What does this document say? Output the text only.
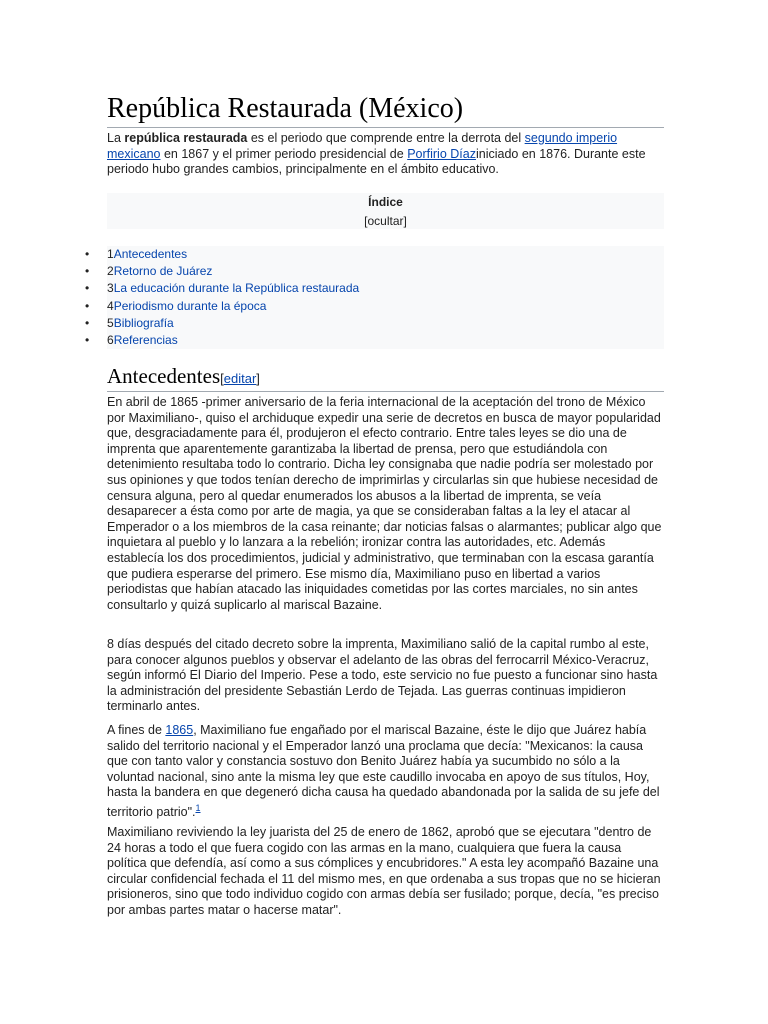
República Restaurada (México)

La república restaurada es el periodo que comprende entre la derrota del segundo imperio mexicano en 1867 y el primer periodo presidencial de Porfirio Díaziniciado en 1876. Durante este periodo hubo grandes cambios, principalmente en el ámbito educativo.

Índice
[ocultar]
• 1Antecedentes
• 2Retorno de Juárez
• 3La educación durante la República restaurada
• 4Periodismo durante la época
• 5Bibliografía
• 6Referencias
Antecedentes[editar]

En abril de 1865 -primer aniversario de la feria internacional de la aceptación del trono de México por Maximiliano-, quiso el archiduque expedir una serie de decretos en busca de mayor popularidad que, desgraciadamente para él, produjeron el efecto contrario. Entre tales leyes se dio una de imprenta que aparentemente garantizaba la libertad de prensa, pero que estudiándola con detenimiento resultaba todo lo contrario. Dicha ley consignaba que nadie podría ser molestado por sus opiniones y que todos tenían derecho de imprimirlas y circularlas sin que hubiese necesidad de censura alguna, pero al quedar enumerados los abusos a la libertad de imprenta, se veía desaparecer a ésta como por arte de magia, ya que se consideraban faltas a la ley el atacar al Emperador o a los miembros de la casa reinante; dar noticias falsas o alarmantes; publicar algo que inquietara al pueblo y lo lanzara a la rebelión; ironizar contra las autoridades, etc. Además establecía los dos procedimientos, judicial y administrativo, que terminaban con la escasa garantía que pudiera esperarse del primero. Ese mismo día, Maximiliano puso en libertad a varios periodistas que habían atacado las iniquidades cometidas por las cortes marciales, no sin antes consultarlo y quizá suplicarlo al mariscal Bazaine.

8 días después del citado decreto sobre la imprenta, Maximiliano salió de la capital rumbo al este, para conocer algunos pueblos y observar el adelanto de las obras del ferrocarril México-Veracruz, según informó El Diario del Imperio. Pese a todo, este servicio no fue puesto a funcionar sino hasta la administración del presidente Sebastián Lerdo de Tejada. Las guerras continuas impidieron terminarlo antes.

A fines de 1865, Maximiliano fue engañado por el mariscal Bazaine, éste le dijo que Juárez había salido del territorio nacional y el Emperador lanzó una proclama que decía: "Mexicanos: la causa que con tanto valor y constancia sostuvo don Benito Juárez había ya sucumbido no sólo a la voluntad nacional, sino ante la misma ley que este caudillo invocaba en apoyo de sus títulos, Hoy, hasta la bandera en que degeneró dicha causa ha quedado abandonada por la salida de su jefe del territorio patrio".$^1$

Maximiliano reviviendo la ley juarista del 25 de enero de 1862, aprobó que se ejecutara "dentro de 24 horas a todo el que fuera cogido con las armas en la mano, cualquiera que fuera la causa política que defendía, así como a sus cómplices y encubridores." A esta ley acompañó Bazaine una circular confidencial fechada el 11 del mismo mes, en que ordenaba a sus tropas que no se hicieran prisioneros, sino que todo individuo cogido con armas debía ser fusilado; porque, decía, "es preciso por ambas partes matar o hacerse matar".
